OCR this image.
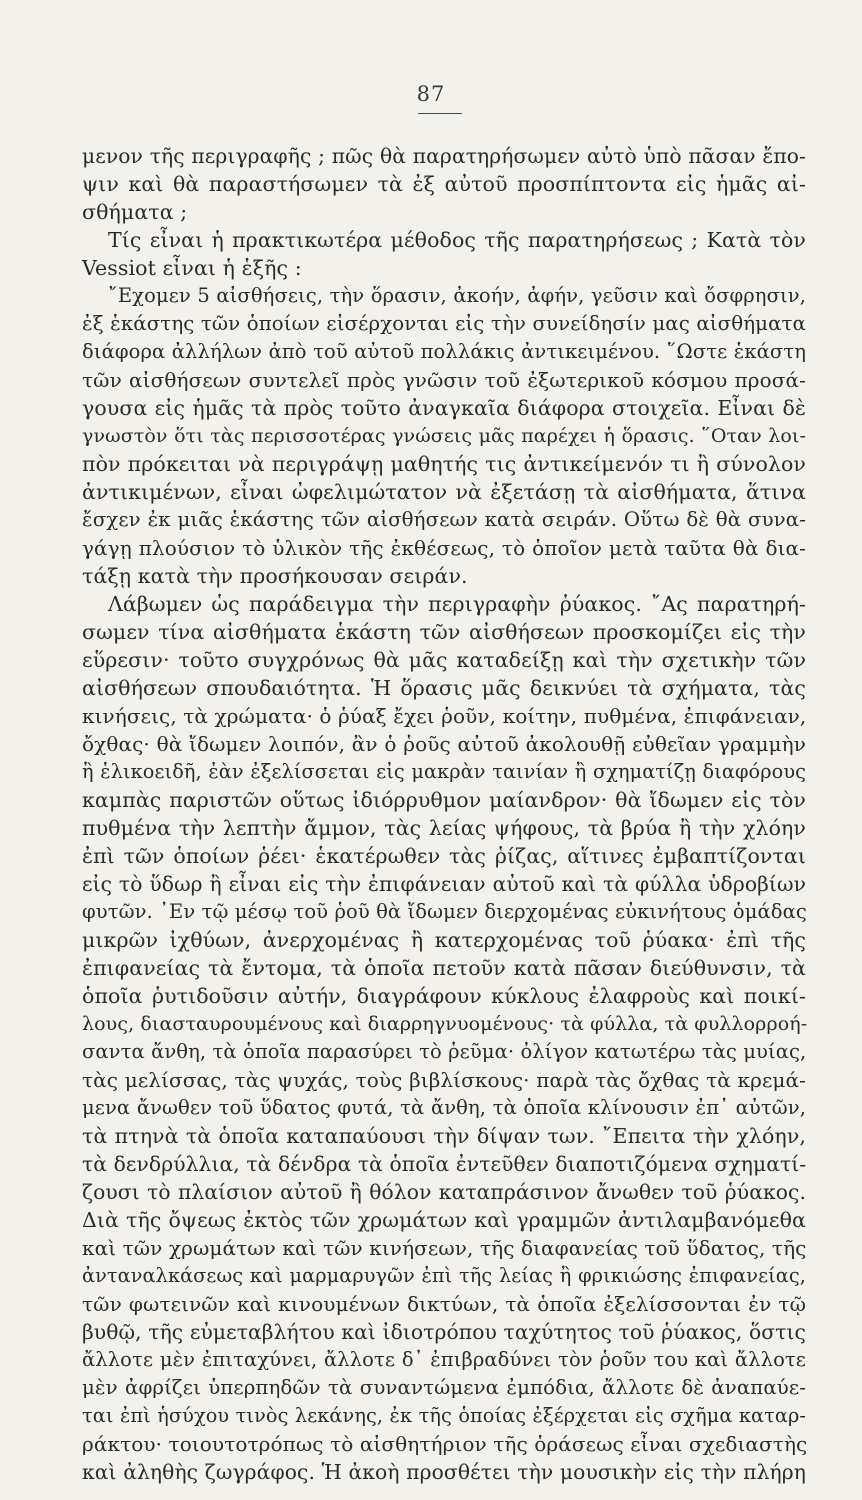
87
μενον τῆς περιγραφῆς ; πῶς θὰ παρατηρήσωμεν αὐτὸ ὑπὸ πᾶσαν ἔπο-
ψιν καὶ θὰ παραστήσωμεν τὰ ἐξ αὐτοῦ προσπίπτοντα εἰς ἡμᾶς αἰ-
σθήματα ;
Τίς εἶναι ἡ πρακτικωτέρα μέθοδος τῆς παρατηρήσεως ; Κατὰ τὸν
Vessiot εἶναι ἡ ἑξῆς :
῎Εχομεν 5 αἰσθήσεις, τὴν ὅρασιν, ἀκοήν, ἀφήν, γεῦσιν καὶ ὄσφρησιν,
ἐξ ἑκάστης τῶν ὁποίων εἰσέρχονται εἰς τὴν συνείδησίν μας αἰσθήματα
διάφορα ἀλλήλων ἀπὸ τοῦ αὐτοῦ πολλάκις ἀντικειμένου. ῞Ωστε ἑκάστη
τῶν αἰσθήσεων συντελεῖ πρὸς γνῶσιν τοῦ ἐξωτερικοῦ κόσμου προσά-
γουσα εἰς ἡμᾶς τὰ πρὸς τοῦτο ἀναγκαῖα διάφορα στοιχεῖα. Εἶναι δὲ
γνωστὸν ὅτι τὰς περισσοτέρας γνώσεις μᾶς παρέχει ἡ ὅρασις. ῞Οταν λοι-
πὸν πρόκειται νὰ περιγράψῃ μαθητής τις ἀντικείμενόν τι ἢ σύνολον
ἀντικιμένων, εἶναι ὠφελιμώτατον νὰ ἐξετάσῃ τὰ αἰσθήματα, ἅτινα
ἔσχεν ἐκ μιᾶς ἑκάστης τῶν αἰσθήσεων κατὰ σειράν. Οὕτω δὲ θὰ συνα-
γάγῃ πλούσιον τὸ ὑλικὸν τῆς ἐκθέσεως, τὸ ὁποῖον μετὰ ταῦτα θὰ δια-
τάξῃ κατὰ τὴν προσήκουσαν σειράν.
Λάβωμεν ὡς παράδειγμα τὴν περιγραφὴν ῥύακος. ῎Ας παρατηρή-
σωμεν τίνα αἰσθήματα ἑκάστη τῶν αἰσθήσεων προσκομίζει εἰς τὴν
εὕρεσιν· τοῦτο συγχρόνως θὰ μᾶς καταδείξῃ καὶ τὴν σχετικὴν τῶν
αἰσθήσεων σπουδαιότητα. Ἡ ὅρασις μᾶς δεικνύει τὰ σχήματα, τὰς
κινήσεις, τὰ χρώματα· ὁ ῥύαξ ἔχει ῥοῦν, κοίτην, πυθμένα, ἐπιφάνειαν,
ὄχθας· θὰ ἴδωμεν λοιπόν, ἂν ὁ ῥοῦς αὐτοῦ ἀκολουθῇ εὐθεῖαν γραμμὴν
ἢ ἑλικοειδῆ, ἐὰν ἐξελίσσεται εἰς μακρὰν ταινίαν ἢ σχηματίζῃ διαφόρους
καμπὰς παριστῶν οὕτως ἰδιόρρυθμον μαίανδρον· θὰ ἴδωμεν εἰς τὸν
πυθμένα τὴν λεπτὴν ἄμμον, τὰς λείας ψήφους, τὰ βρύα ἢ τὴν χλόην
ἐπὶ τῶν ὁποίων ῥέει· ἑκατέρωθεν τὰς ῥίζας, αἵτινες ἐμβαπτίζονται
εἰς τὸ ὕδωρ ἢ εἶναι εἰς τὴν ἐπιφάνειαν αὐτοῦ καὶ τὰ φύλλα ὑδροβίων
φυτῶν. ᾿Εν τῷ μέσῳ τοῦ ῥοῦ θὰ ἴδωμεν διερχομένας εὐκινήτους ὁμάδας
μικρῶν ἰχθύων, ἀνερχομένας ἢ κατερχομένας τοῦ ῥύακα· ἐπὶ τῆς
ἐπιφανείας τὰ ἔντομα, τὰ ὁποῖα πετοῦν κατὰ πᾶσαν διεύθυνσιν, τὰ
ὁποῖα ῥυτιδοῦσιν αὐτήν, διαγράφουν κύκλους ἐλαφροὺς καὶ ποικί-
λους, διασταυρουμένους καὶ διαρρηγνυομένους· τὰ φύλλα, τὰ φυλλορροή-
σαντα ἄνθη, τὰ ὁποῖα παρασύρει τὸ ῥεῦμα· ὀλίγον κατωτέρω τὰς μυίας,
τὰς μελίσσας, τὰς ψυχάς, τοὺς βιβλίσκους· παρὰ τὰς ὄχθας τὰ κρεμά-
μενα ἄνωθεν τοῦ ὕδατος φυτά, τὰ ἄνθη, τὰ ὁποῖα κλίνουσιν ἐπ᾿ αὐτῶν,
τὰ πτηνὰ τὰ ὁποῖα καταπαύουσι τὴν δίψαν των. ῎Επειτα τὴν χλόην,
τὰ δενδρύλλια, τὰ δένδρα τὰ ὁποῖα ἐντεῦθεν διαποτιζόμενα σχηματί-
ζουσι τὸ πλαίσιον αὐτοῦ ἢ θόλον καταπράσινον ἄνωθεν τοῦ ῥύακος.
Διὰ τῆς ὄψεως ἐκτὸς τῶν χρωμάτων καὶ γραμμῶν ἀντιλαμβανόμεθα
καὶ τῶν χρωμάτων καὶ τῶν κινήσεων, τῆς διαφανείας τοῦ ὕδατος, τῆς
ἀνταναλκάσεως καὶ μαρμαρυγῶν ἐπὶ τῆς λείας ἢ φρικιώσης ἐπιφανείας,
τῶν φωτεινῶν καὶ κινουμένων δικτύων, τὰ ὁποῖα ἐξελίσσονται ἐν τῷ
βυθῷ, τῆς εὐμεταβλήτου καὶ ἰδιοτρόπου ταχύτητος τοῦ ῥύακος, ὅστις
ἄλλοτε μὲν ἐπιταχύνει, ἄλλοτε δ᾿ ἐπιβραδύνει τὸν ῥοῦν του καὶ ἄλλοτε
μὲν ἀφρίζει ὑπερπηδῶν τὰ συναντώμενα ἐμπόδια, ἄλλοτε δὲ ἀναπαύε-
ται ἐπὶ ἡσύχου τινὸς λεκάνης, ἐκ τῆς ὁποίας ἐξέρχεται εἰς σχῆμα καταρ-
ράκτου· τοιουτοτρόπως τὸ αἰσθητήριον τῆς ὁράσεως εἶναι σχεδιαστὴς
καὶ ἀληθὴς ζωγράφος. Ἡ ἀκοὴ προσθέτει τὴν μουσικὴν εἰς τὴν πλήρη
